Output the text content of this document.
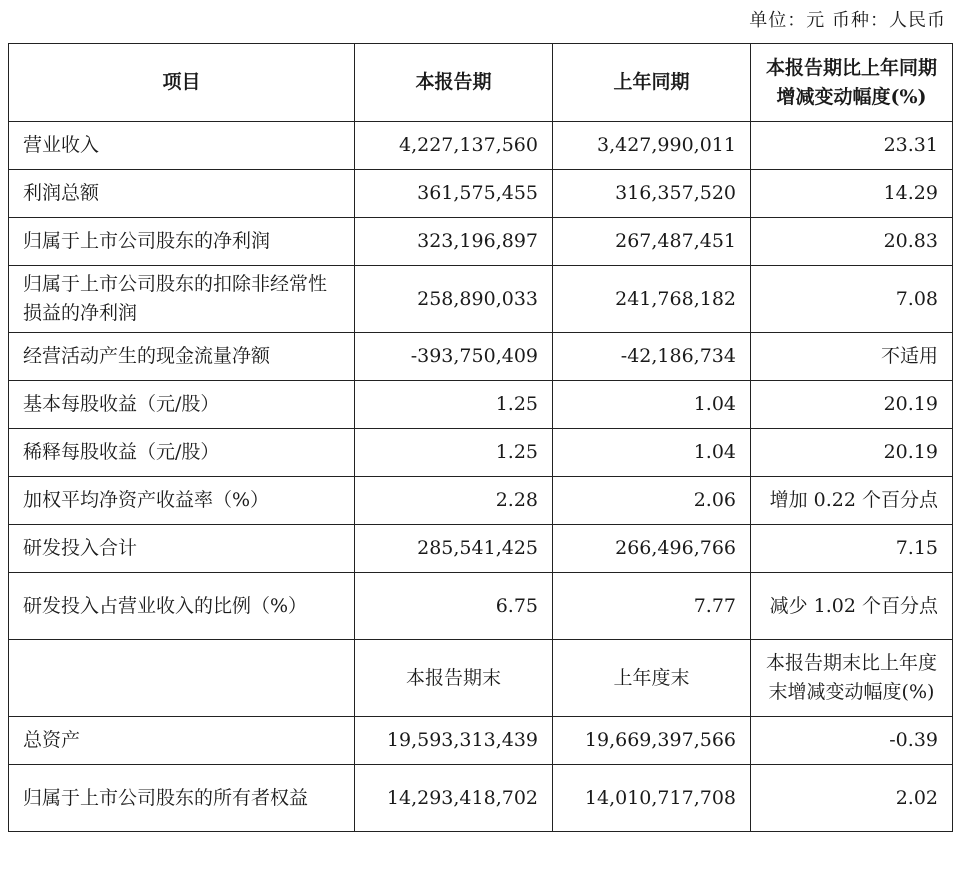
单位：元 币种：人民币
项目	本报告期	上年同期	本报告期比上年同期增减变动幅度(%)
营业收入	4,227,137,560	3,427,990,011	23.31
利润总额	361,575,455	316,357,520	14.29
归属于上市公司股东的净利润	323,196,897	267,487,451	20.83
归属于上市公司股东的扣除非经常性损益的净利润	258,890,033	241,768,182	7.08
经营活动产生的现金流量净额	-393,750,409	-42,186,734	不适用
基本每股收益（元/股）	1.25	1.04	20.19
稀释每股收益（元/股）	1.25	1.04	20.19
加权平均净资产收益率（%）	2.28	2.06	增加 0.22 个百分点
研发投入合计	285,541,425	266,496,766	7.15
研发投入占营业收入的比例（%）	6.75	7.77	减少 1.02 个百分点
	本报告期末	上年度末	本报告期末比上年度末增减变动幅度(%)
总资产	19,593,313,439	19,669,397,566	-0.39
归属于上市公司股东的所有者权益	14,293,418,702	14,010,717,708	2.02
